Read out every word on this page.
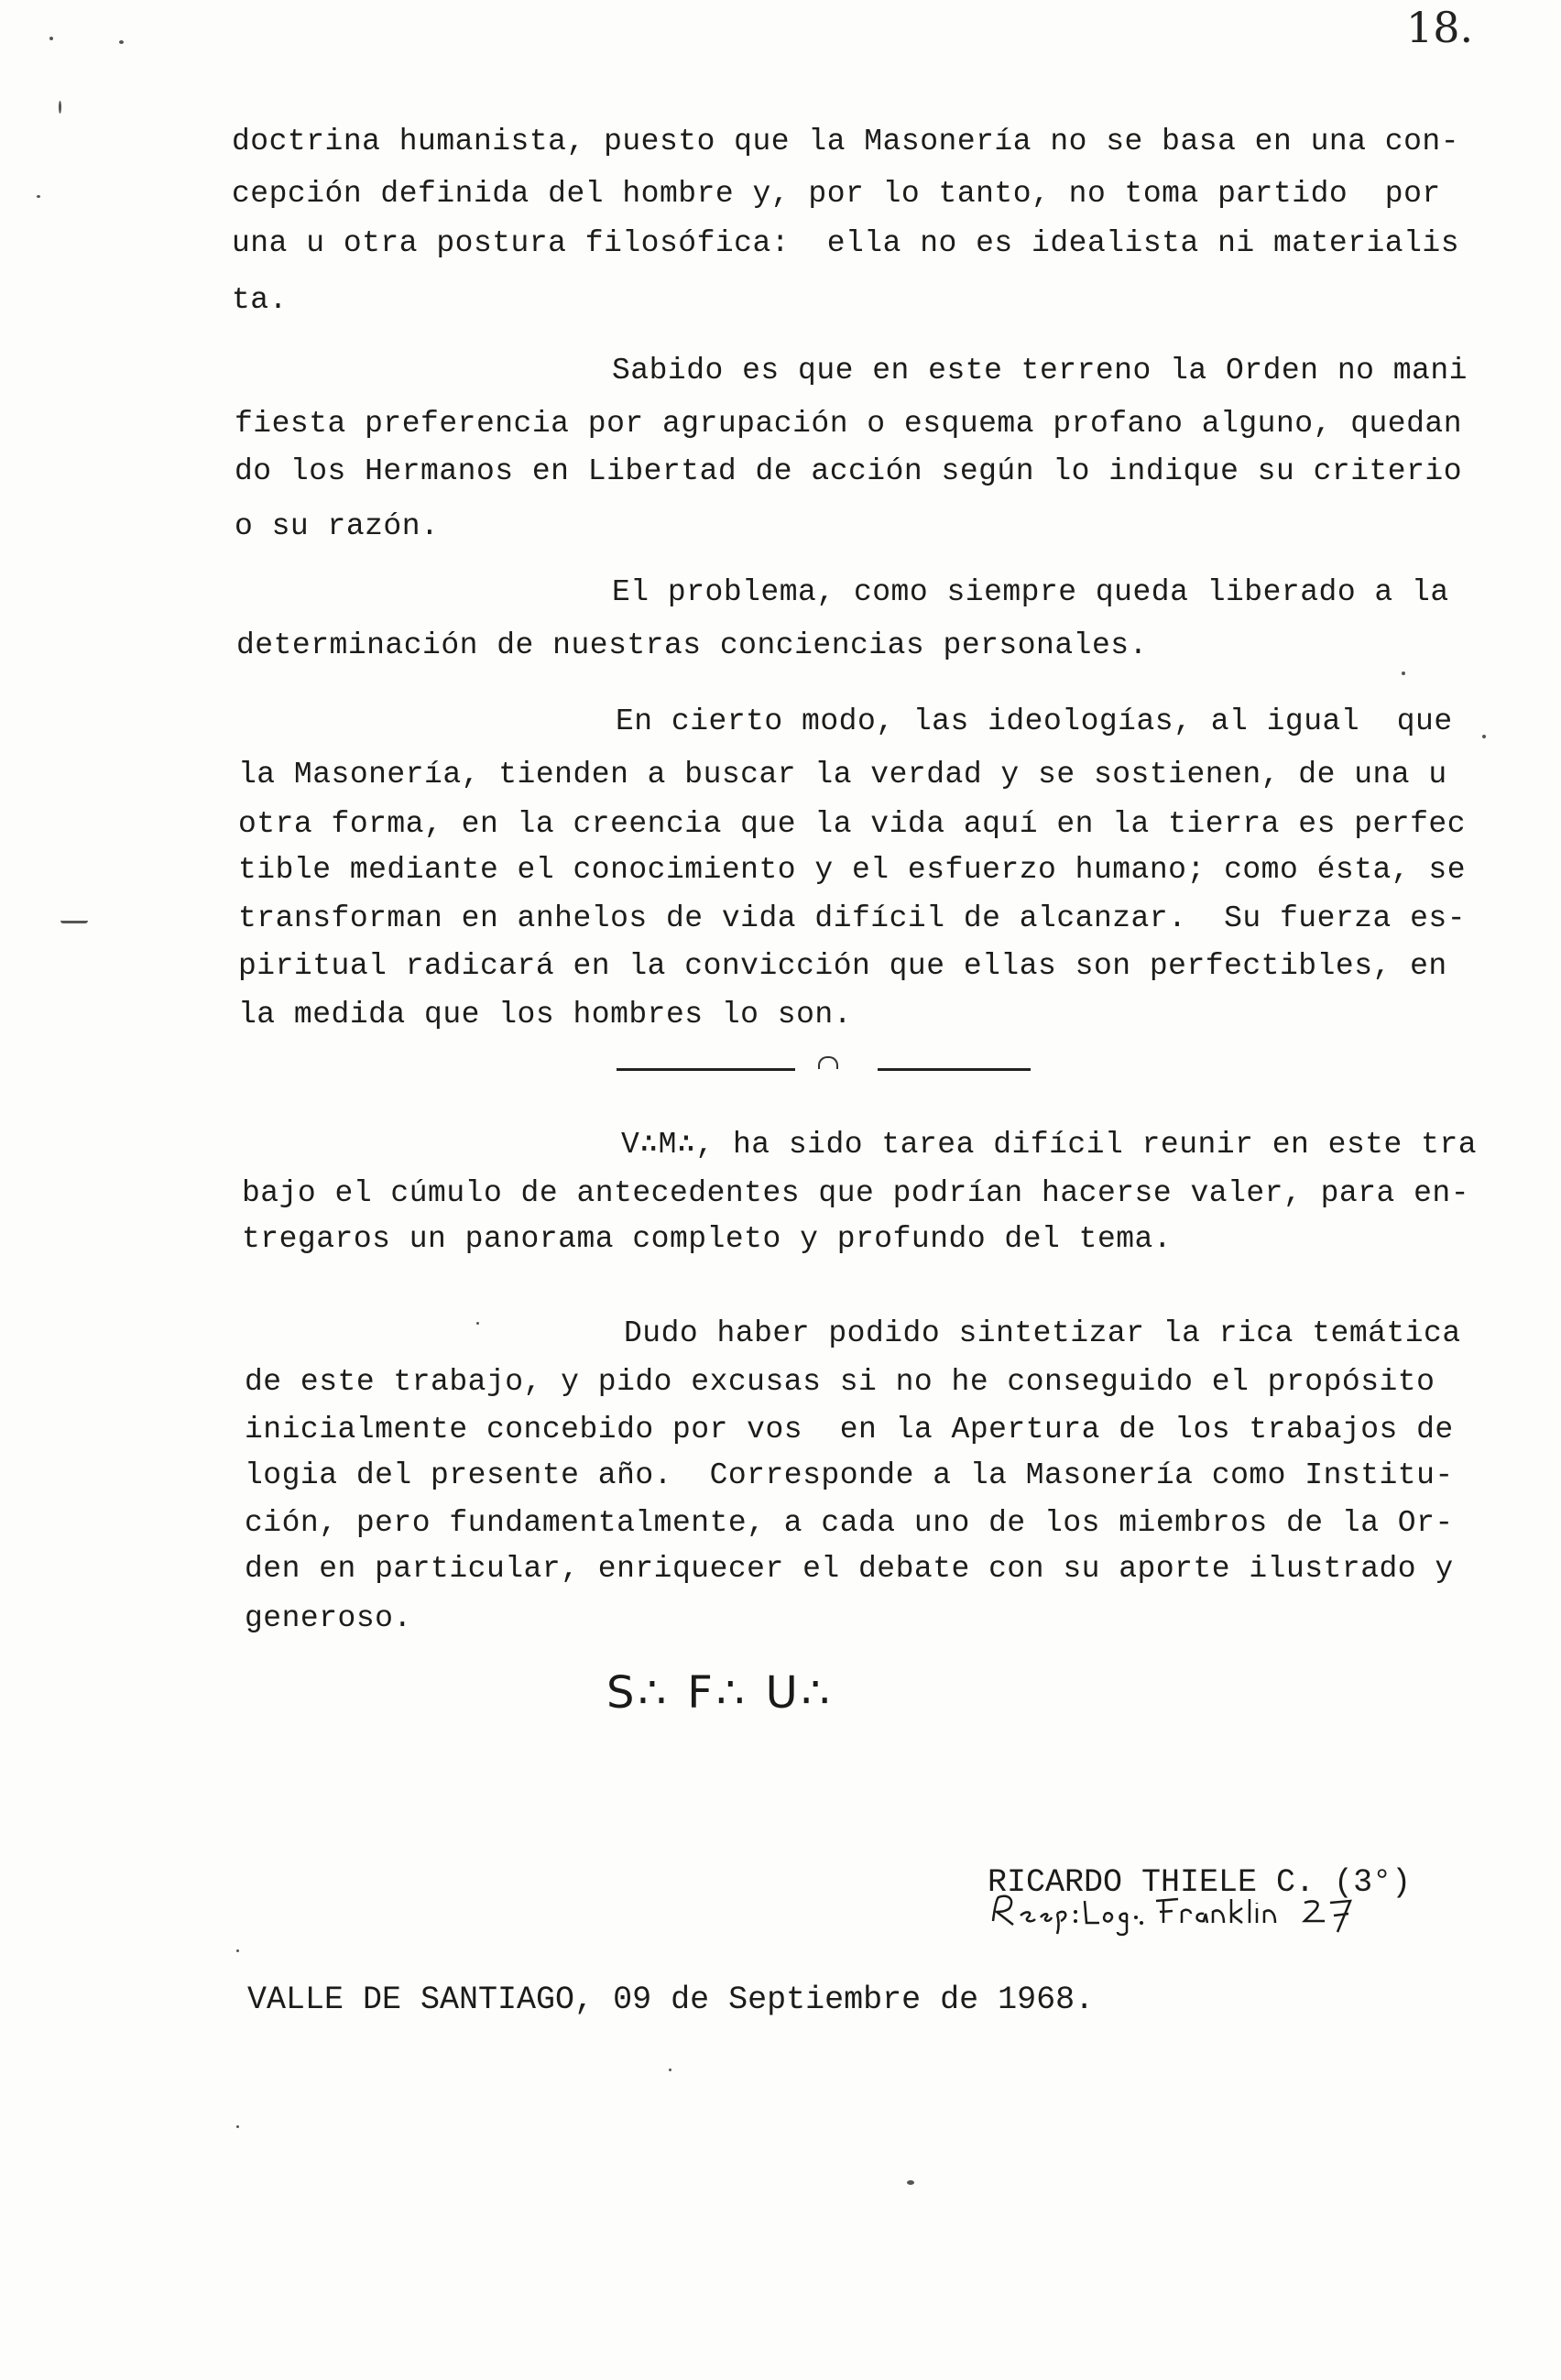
18.
doctrina humanista, puesto que la Masonería no se basa en una con-
cepción definida del hombre y, por lo tanto, no toma partido  por
una u otra postura filosófica:  ella no es idealista ni materialis
ta.
Sabido es que en este terreno la Orden no mani
fiesta preferencia por agrupación o esquema profano alguno, quedan
do los Hermanos en Libertad de acción según lo indique su criterio
o su razón.
El problema, como siempre queda liberado a la
determinación de nuestras conciencias personales.
En cierto modo, las ideologías, al igual  que
la Masonería, tienden a buscar la verdad y se sostienen, de una u
otra forma, en la creencia que la vida aquí en la tierra es perfec
tible mediante el conocimiento y el esfuerzo humano; como ésta, se
transforman en anhelos de vida difícil de alcanzar.  Su fuerza es-
piritual radicará en la convicción que ellas son perfectibles, en
la medida que los hombres lo son.
V∴M∴, ha sido tarea difícil reunir en este tra
bajo el cúmulo de antecedentes que podrían hacerse valer, para en-
tregaros un panorama completo y profundo del tema.
Dudo haber podido sintetizar la rica temática
de este trabajo, y pido excusas si no he conseguido el propósito
inicialmente concebido por vos  en la Apertura de los trabajos de
logia del presente año.  Corresponde a la Masonería como Institu-
ción, pero fundamentalmente, a cada uno de los miembros de la Or-
den en particular, enriquecer el debate con su aporte ilustrado y
generoso.
S∴ F∴ U∴
RICARDO THIELE C. (3°)
VALLE DE SANTIAGO, 09 de Septiembre de 1968.
